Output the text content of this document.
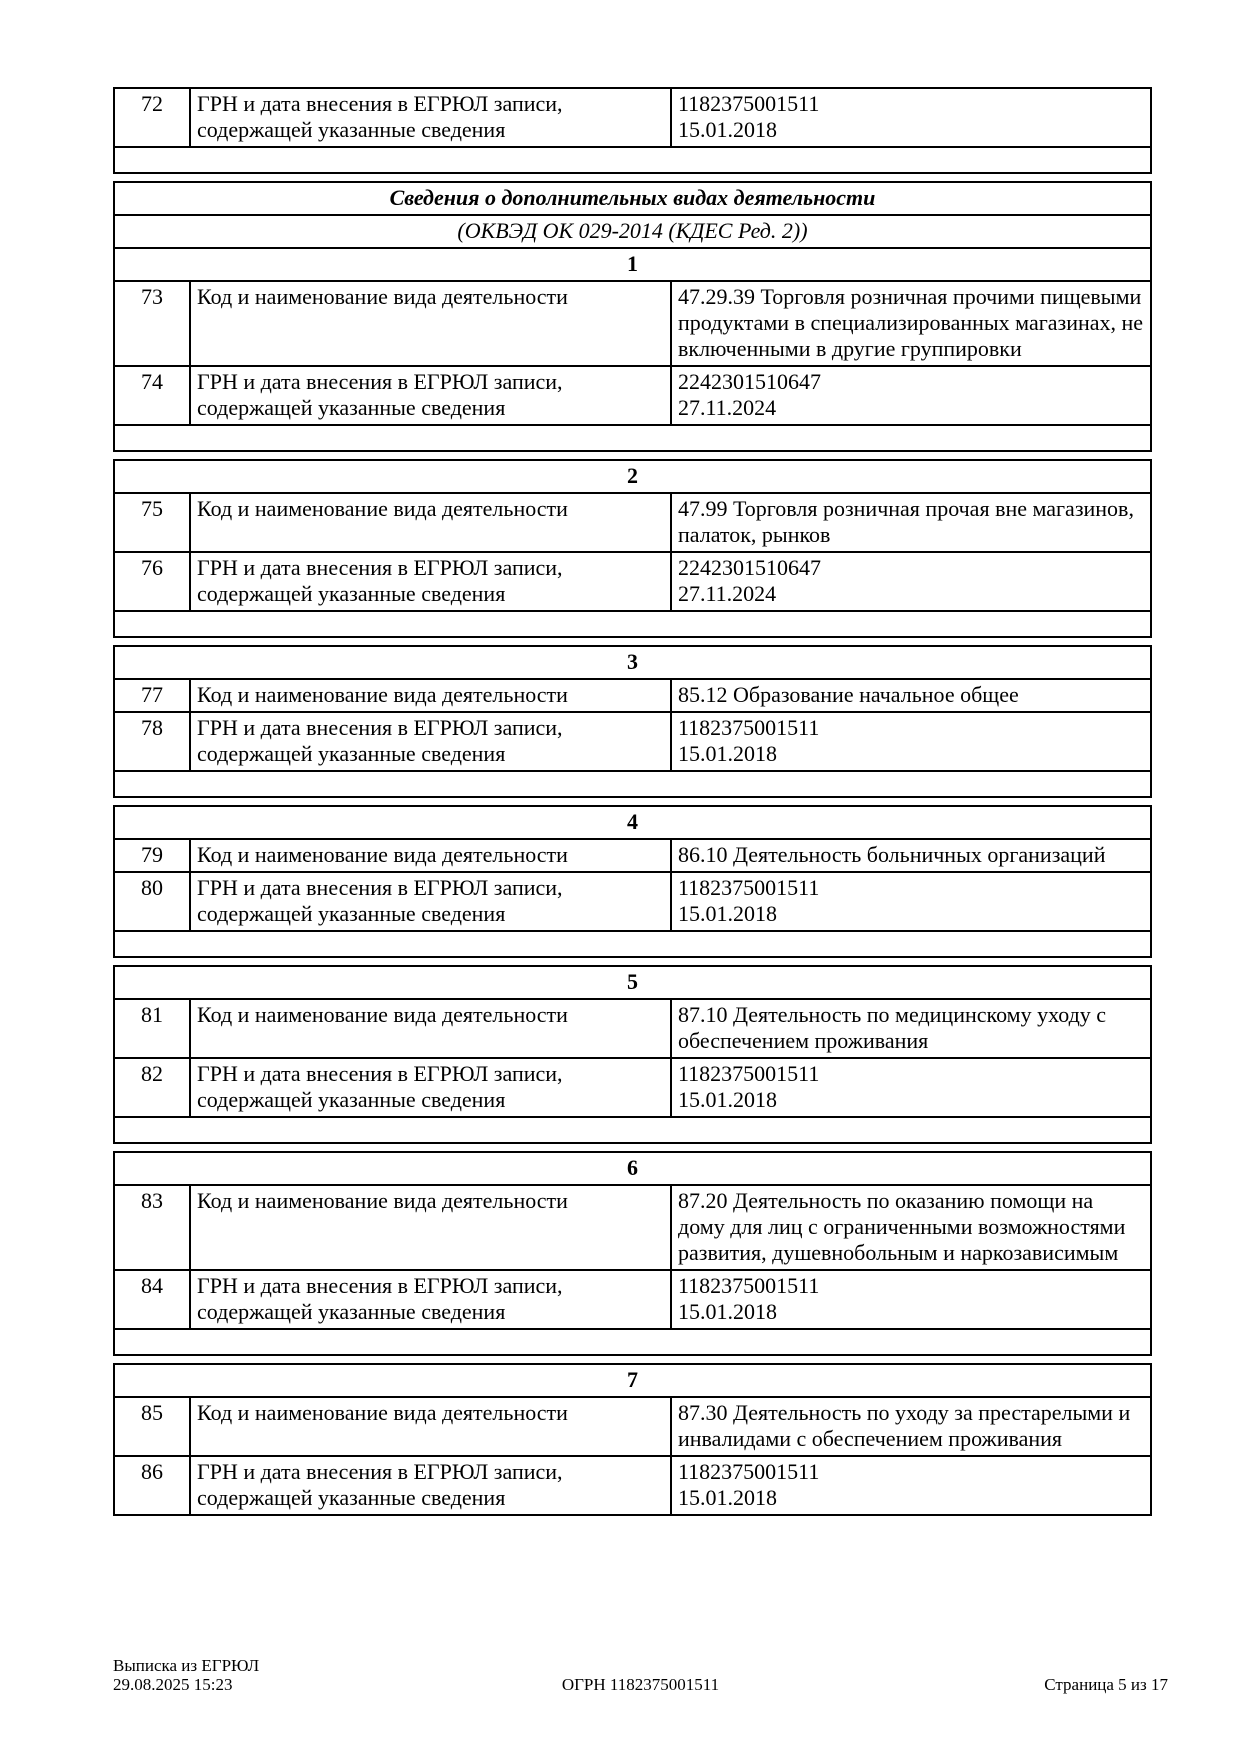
72	ГРН и дата внесения в ЕГРЮЛ записи, содержащей указанные сведения	
1182375001511
15.01.2018

Сведения о дополнительных видах деятельности
(ОКВЭД ОК 029-2014 (КДЕС Ред. 2))
1		
73	Код и наименование вида деятельности	47.29.39 Торговля розничная прочими пищевыми продуктами в специализированных магазинах, не включенными в другие группировки
74	ГРН и дата внесения в ЕГРЮЛ записи, содержащей указанные сведения	2242301510647
27.11.2024

2		
75	Код и наименование вида деятельности	47.99 Торговля розничная прочая вне магазинов, палаток, рынков
76	ГРН и дата внесения в ЕГРЮЛ записи, содержащей указанные сведения	2242301510647
27.11.2024

3		
77	Код и наименование вида деятельности	85.12 Образование начальное общее
78	ГРН и дата внесения в ЕГРЮЛ записи, содержащей указанные сведения	1182375001511
15.01.2018

4		
79	Код и наименование вида деятельности	86.10 Деятельность больничных организаций
80	ГРН и дата внесения в ЕГРЮЛ записи, содержащей указанные сведения	1182375001511
15.01.2018

5		
81	Код и наименование вида деятельности	87.10 Деятельность по медицинскому уходу с обеспечением проживания
82	ГРН и дата внесения в ЕГРЮЛ записи, содержащей указанные сведения	1182375001511
15.01.2018

6		
83	Код и наименование вида деятельности	87.20 Деятельность по оказанию помощи на дому для лиц с ограниченными возможностями развития, душевнобольным и наркозависимым
84	ГРН и дата внесения в ЕГРЮЛ записи, содержащей указанные сведения	1182375001511
15.01.2018

7		
85	Код и наименование вида деятельности	87.30 Деятельность по уходу за престарелыми и инвалидами с обеспечением проживания
86	ГРН и дата внесения в ЕГРЮЛ записи, содержащей указанные сведения	1182375001511
15.01.2018
Выписка из ЕГРЮЛ
29.08.2025 15:23	ОГРН 1182375001511	Страница 5 из 17
